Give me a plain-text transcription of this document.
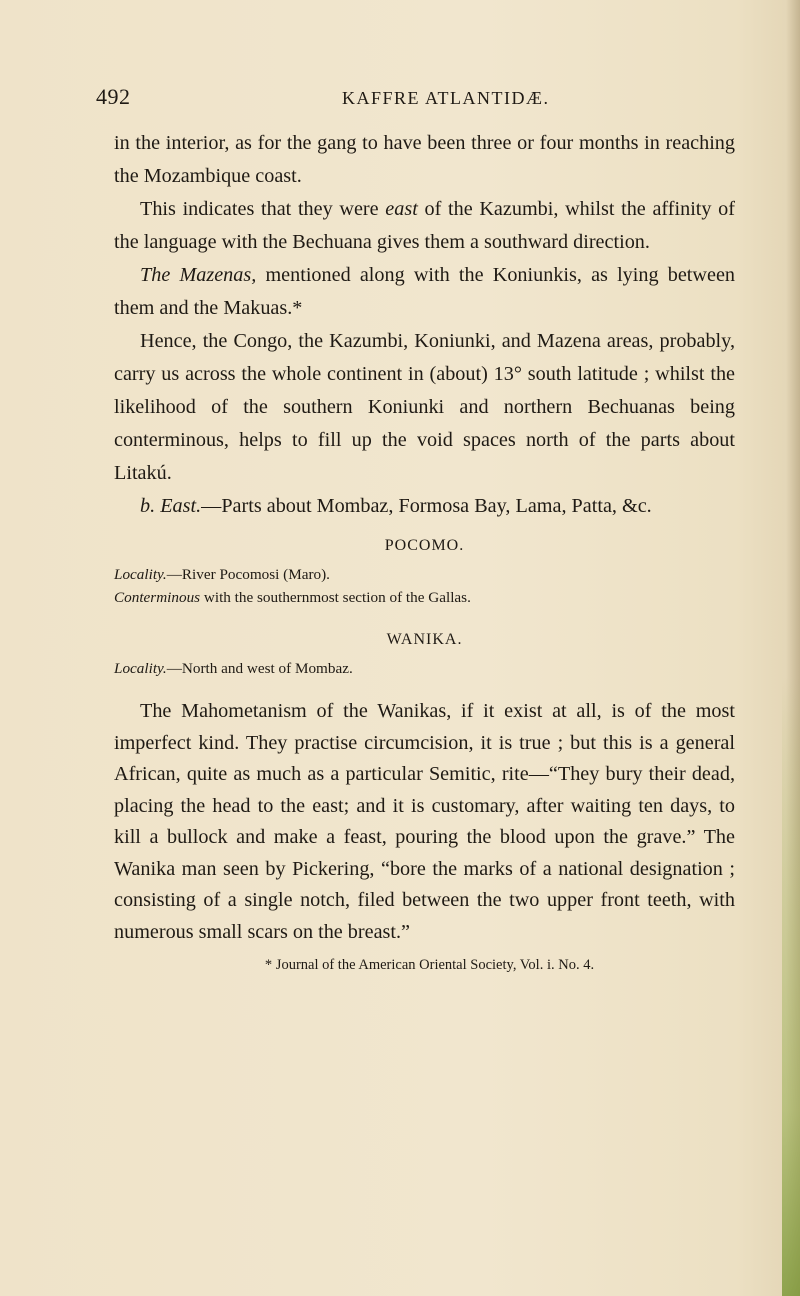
492	KAFFRE ATLANTIDÆ.

in the interior, as for the gang to have been three or four months in reaching the Mozambique coast.

This indicates that they were east of the Kazumbi, whilst the affinity of the language with the Bechuana gives them a southward direction.

The Mazenas, mentioned along with the Koniunkis, as lying between them and the Makuas.*

Hence, the Congo, the Kazumbi, Koniunki, and Mazena areas, probably, carry us across the whole continent in (about) 13° south latitude ; whilst the likelihood of the southern Koniunki and northern Bechuanas being conterminous, helps to fill up the void spaces north of the parts about Litakú.

b. East.—Parts about Mombaz, Formosa Bay, Lama, Patta, &c.

POCOMO.

Locality.—River Pocomosi (Maro).

Conterminous with the southernmost section of the Gallas.

WANIKA.

Locality.—North and west of Mombaz.

The Mahometanism of the Wanikas, if it exist at all, is of the most imperfect kind. They practise circumcision, it is true ; but this is a general African, quite as much as a particular Semitic, rite—“They bury their dead, placing the head to the east; and it is customary, after waiting ten days, to kill a bullock and make a feast, pouring the blood upon the grave.” The Wanika man seen by Pickering, “bore the marks of a national designation ; consisting of a single notch, filed between the two upper front teeth, with numerous small scars on the breast.”

* Journal of the American Oriental Society, Vol. i. No. 4.
